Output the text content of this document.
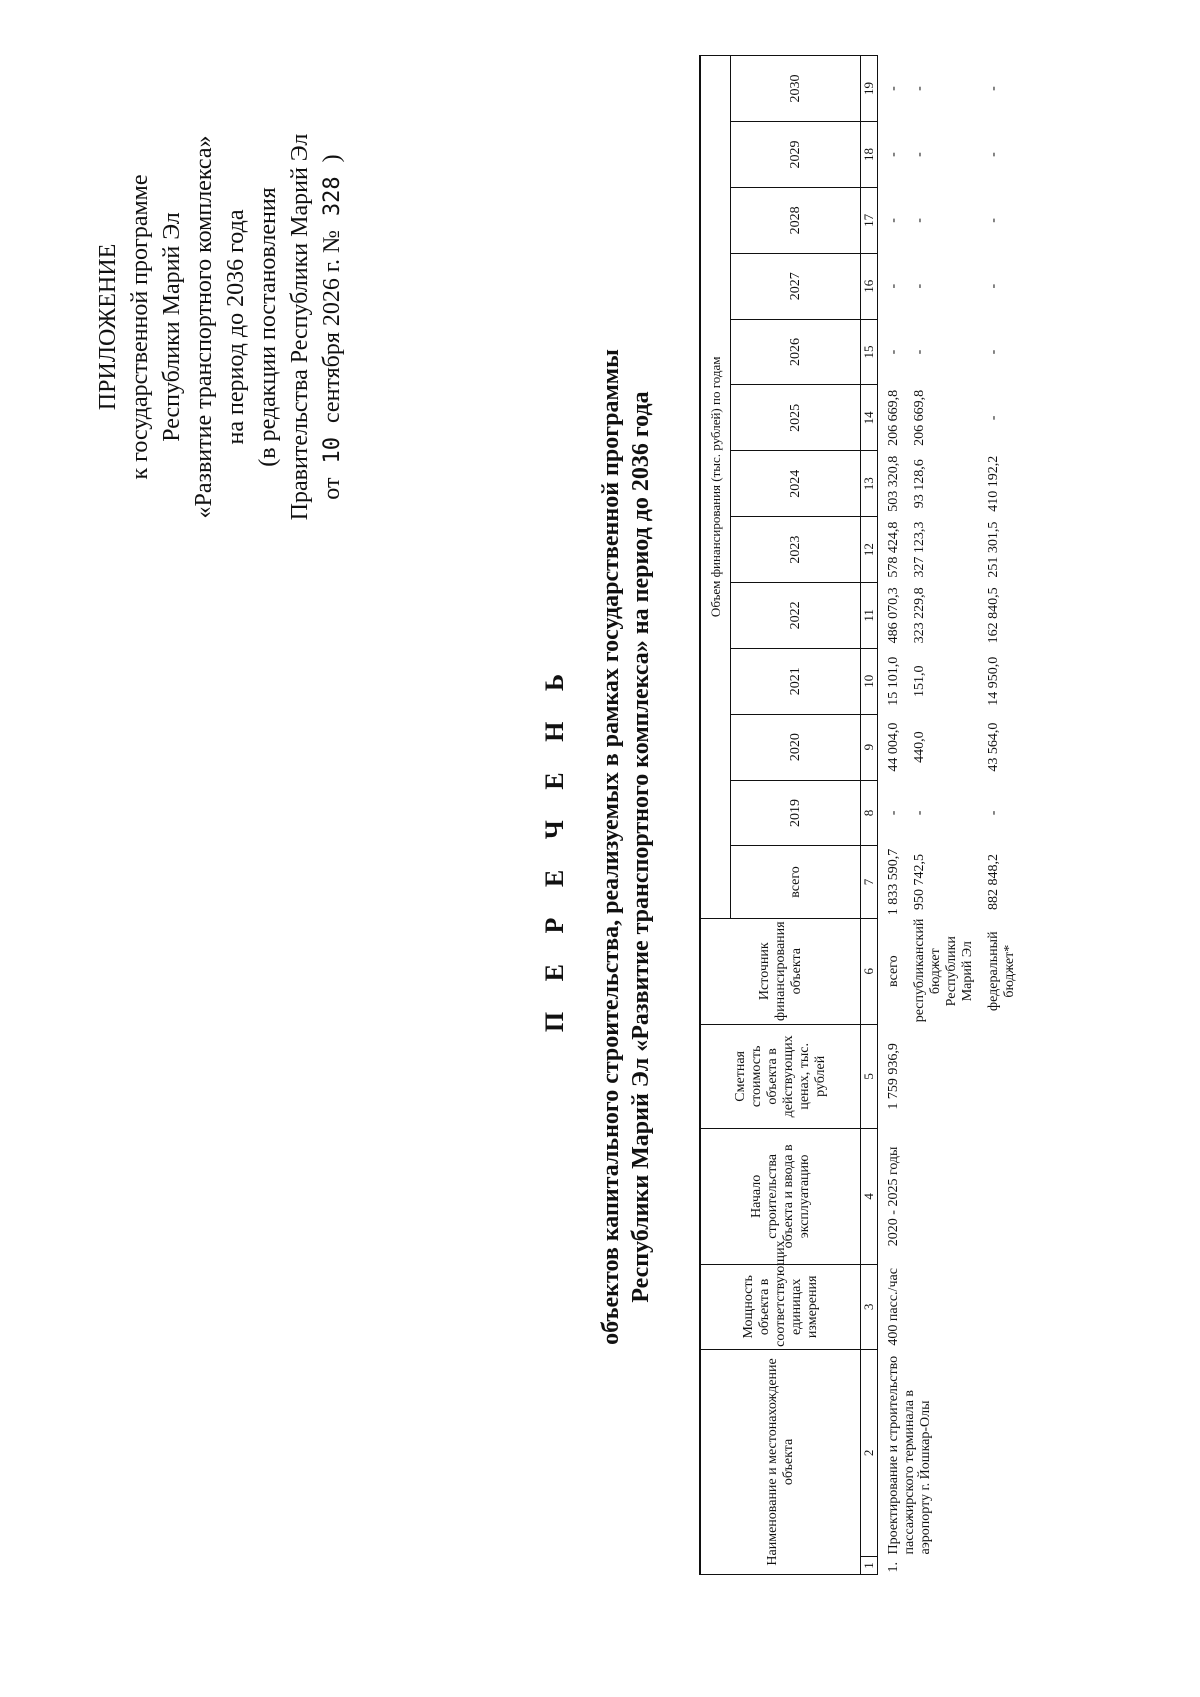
ПРИЛОЖЕНИЕ к государственной программе Республики Марий Эл «Развитие транспортного комплекса» на период до 2036 года (в редакции постановления Правительства Республики Марий Эл от 10 сентября 2026 г. № 328 )
П Е Р Е Ч Е Н Ь объектов капитального строительства, реализуемых в рамках государственной программы Республики Марий Эл «Развитие транспортного комплекса» на период до 2036 года
Наименование и местонахождение объекта		Мощность объекта в соответствующих единицах измерения	Начало строительства объекта и ввода в эксплуатацию	Сметная стоимость объекта в действующих ценах, тыс. рублей	Источник финансирования объекта	Объем финансирования (тыс. рублей) по годам												
						всего	2019	2020	2021	2022	2023	2024	2025	2026	2027	2028	2029	2030
1	2	3	4	5	6	7	8	9	10	11	12	13	14	15	16	17	18	19
1.	Проектирование и строительство пассажирского терминала в аэропорту г. Йошкар-Олы	400 пасс./час	2020 - 2025 годы	1 759 936,9	всего	1 833 590,7	-	44 004,0	15 101,0	486 070,3	578 424,8	503 320,8	206 669,8	-	-	-	-	-
					республиканский бюджет Республики Марий Эл	950 742,5	-	440,0	151,0	323 229,8	327 123,3	93 128,6	206 669,8	-	-	-	-	-
					федеральный бюджет*	882 848,2	-	43 564,0	14 950,0	162 840,5	251 301,5	410 192,2	-	-	-	-	-	-
